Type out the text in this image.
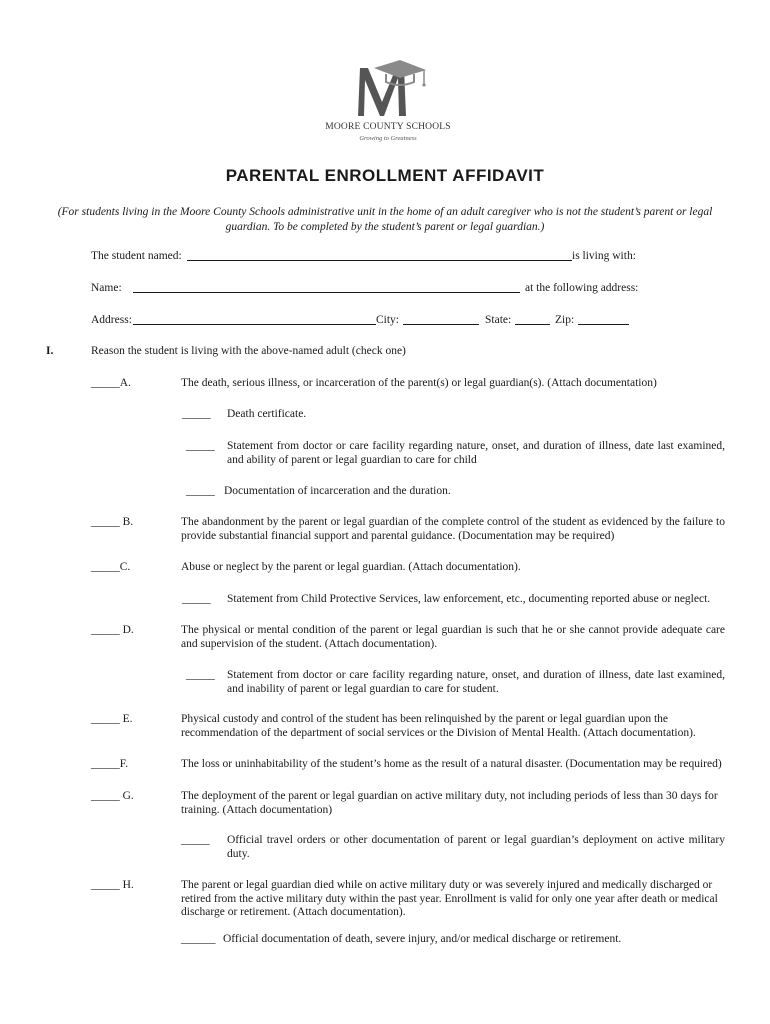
MOORE COUNTY SCHOOLS
Growing to Greatness
PARENTAL ENROLLMENT AFFIDAVIT
(For students living in the Moore County Schools administrative unit in the home of an adult caregiver who is not the student’s parent or legal guardian. To be completed by the student’s parent or legal guardian.)
The student named:	is living with:
Name:	at the following address:
Address:	City:	State:	Zip:
I.	Reason the student is living with the above-named adult (check one)
_____A.	The death, serious illness, or incarceration of the parent(s) or legal guardian(s). (Attach documentation)
_____ Death certificate.
_____ Statement from doctor or care facility regarding nature, onset, and duration of illness, date last examined, and ability of parent or legal guardian to care for child
_____ Documentation of incarceration and the duration.
_____ B.	The abandonment by the parent or legal guardian of the complete control of the student as evidenced by the failure to provide substantial financial support and parental guidance. (Documentation may be required)
_____C.	Abuse or neglect by the parent or legal guardian. (Attach documentation).
_____ Statement from Child Protective Services, law enforcement, etc., documenting reported abuse or neglect.
_____ D.	The physical or mental condition of the parent or legal guardian is such that he or she cannot provide adequate care and supervision of the student. (Attach documentation).
_____ Statement from doctor or care facility regarding nature, onset, and duration of illness, date last examined, and inability of parent or legal guardian to care for student.
_____ E.	Physical custody and control of the student has been relinquished by the parent or legal guardian upon the recommendation of the department of social services or the Division of Mental Health. (Attach documentation).
_____F.	The loss or uninhabitability of the student’s home as the result of a natural disaster. (Documentation may be required)
_____ G.	The deployment of the parent or legal guardian on active military duty, not including periods of less than 30 days for training. (Attach documentation)
_____ Official travel orders or other documentation of parent or legal guardian’s deployment on active military duty.
_____ H.	The parent or legal guardian died while on active military duty or was severely injured and medically discharged or retired from the active military duty within the past year. Enrollment is valid for only one year after death or medical discharge or retirement. (Attach documentation).
______ Official documentation of death, severe injury, and/or medical discharge or retirement.
